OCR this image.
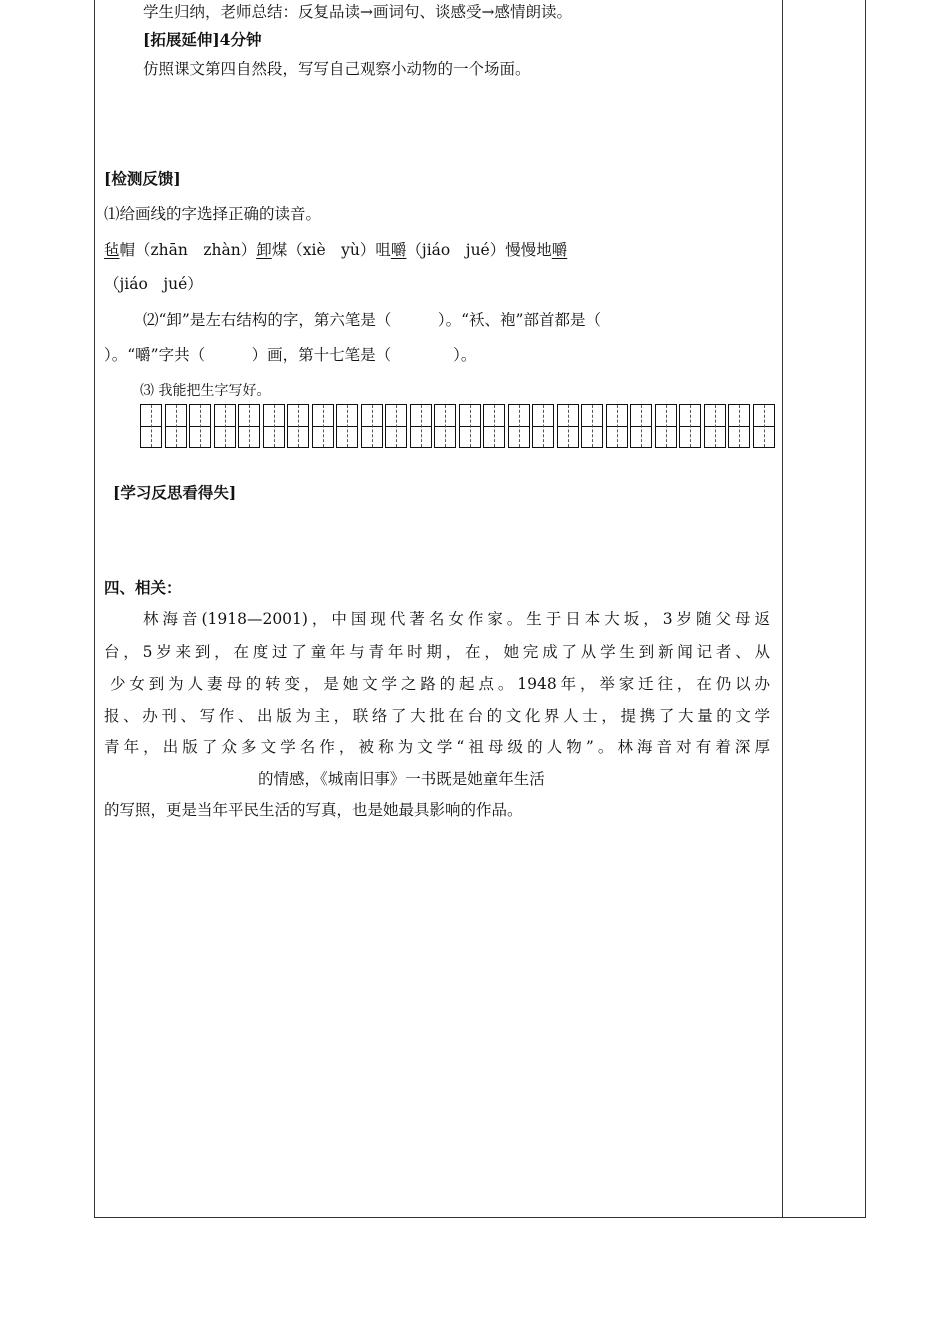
学生归纳，老师总结：反复品读→画词句、谈感受→感情朗读。
[拓展延伸]4分钟
仿照课文第四自然段，写写自己观察小动物的一个场面。
[检测反馈]
⑴给画线的字选择正确的读音。
毡帽（zhān　zhàn）卸煤（xiè　yù）咀嚼（jiáo　jué）慢慢地嚼
（jiáo　jué）
⑵“卸”是左右结构的字，第六笔是（　　　）。“袄、袍”部首都是（
）。“嚼”字共（　　　）画，第十七笔是（　　　　）。
⑶ 我能把生字写好。
[学习反思看得失]
四、相关：
林海音(1918—2001)，中国现代著名女作家。生于日本大坂，3岁随父母返
台，5岁来到，在度过了童年与青年时期，在，她完成了从学生到新闻记者、从
少女到为人妻母的转变，是她文学之路的起点。1948年，举家迁往，在仍以办
报、办刊、写作、出版为主，联络了大批在台的文化界人士，提携了大量的文学
青年，出版了众多文学名作，被称为文学“祖母级的人物”。林海音对有着深厚
的情感，《城南旧事》一书既是她童年生活
的写照，更是当年平民生活的写真，也是她最具影响的作品。
